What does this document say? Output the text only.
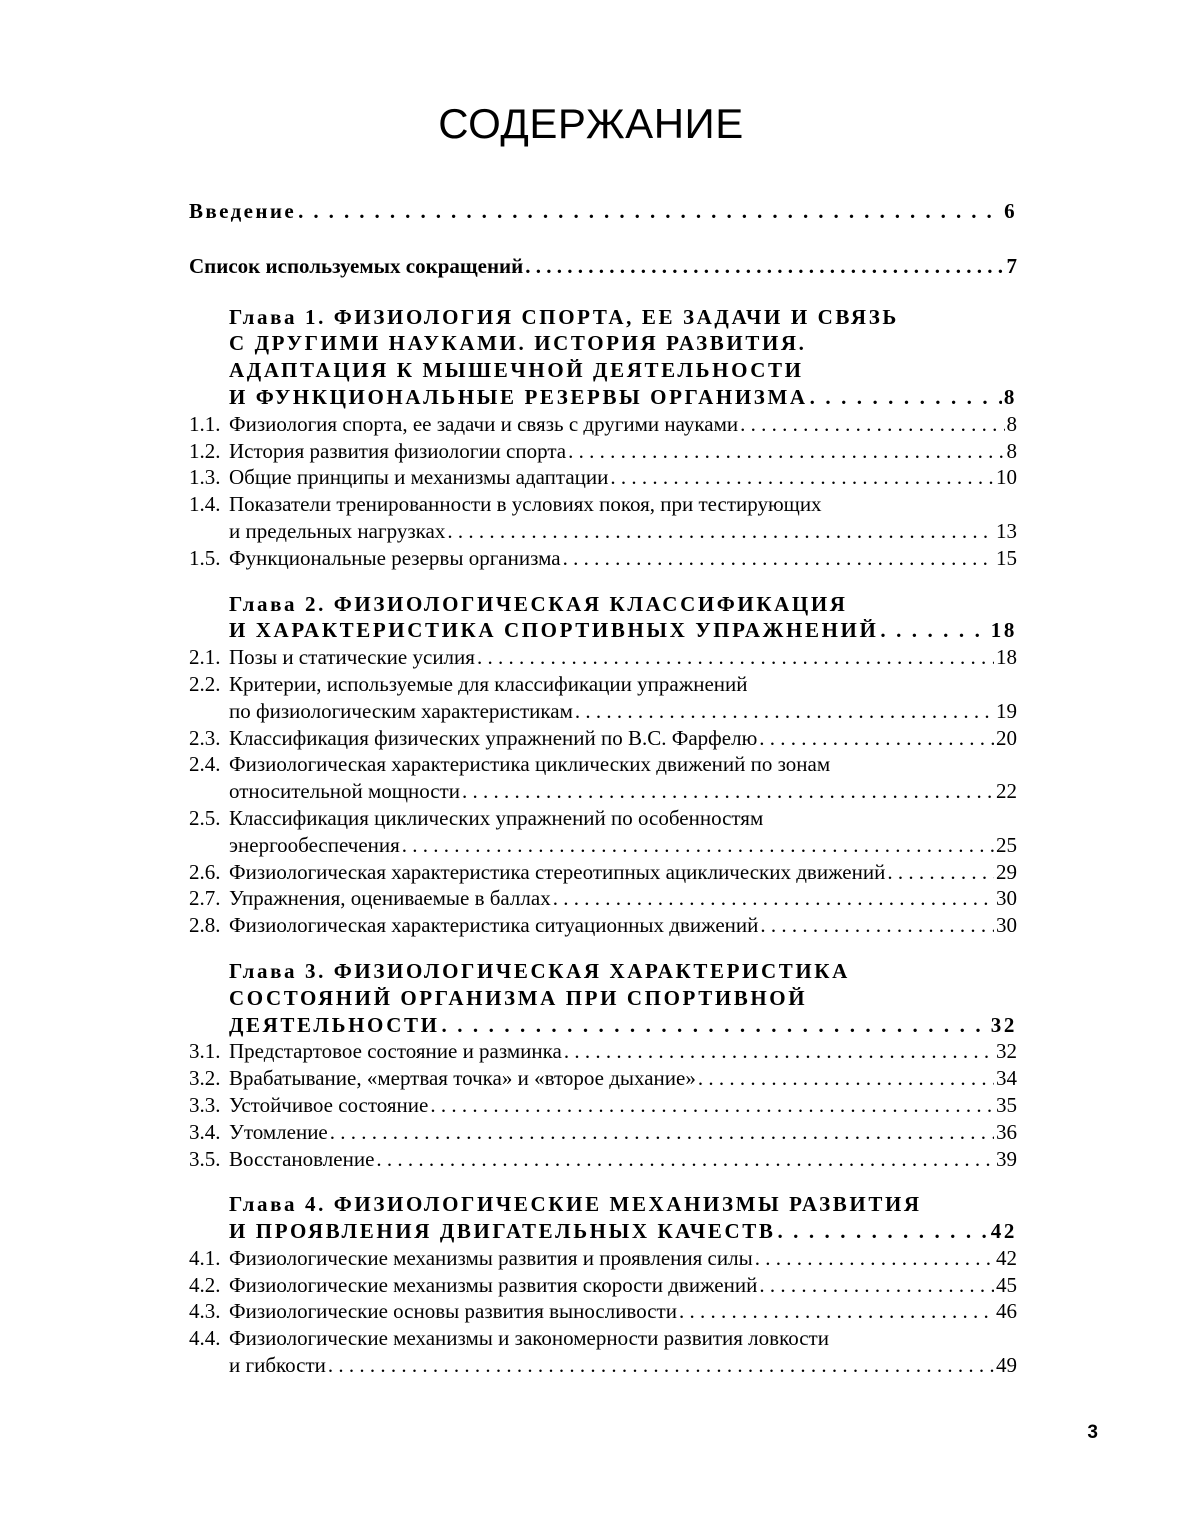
СОДЕРЖАНИЕ
Введение . . .	6
Список используемых сокращений . . .	7
Глава 1. ФИЗИОЛОГИЯ СПОРТА, ЕЕ ЗАДАЧИ И СВЯЗЬ
С ДРУГИМИ НАУКАМИ. ИСТОРИЯ РАЗВИТИЯ.
АДАПТАЦИЯ К МЫШЕЧНОЙ ДЕЯТЕЛЬНОСТИ
И ФУНКЦИОНАЛЬНЫЕ РЕЗЕРВЫ ОРГАНИЗМА . . .	8
1.1. Физиология спорта, ее задачи и связь с другими науками . . .	8
1.2. История развития физиологии спорта . . .	8
1.3. Общие принципы и механизмы адаптации . . .	10
1.4. Показатели тренированности в условиях покоя, при тестирующих
и предельных нагрузках . . .	13
1.5. Функциональные резервы организма . . .	15
Глава 2. ФИЗИОЛОГИЧЕСКАЯ КЛАССИФИКАЦИЯ
И ХАРАКТЕРИСТИКА СПОРТИВНЫХ УПРАЖНЕНИЙ . . .	18
2.1. Позы и статические усилия . . .	18
2.2. Критерии, используемые для классификации упражнений
по физиологическим характеристикам . . .	19
2.3. Классификация физических упражнений по В.С. Фарфелю . . .	20
2.4. Физиологическая характеристика циклических движений по зонам
относительной мощности . . .	22
2.5. Классификация циклических упражнений по особенностям
энергообеспечения . . .	25
2.6. Физиологическая характеристика стереотипных ациклических движений . . .	29
2.7. Упражнения, оцениваемые в баллах . . .	30
2.8. Физиологическая характеристика ситуационных движений . . .	30
Глава 3. ФИЗИОЛОГИЧЕСКАЯ ХАРАКТЕРИСТИКА
СОСТОЯНИЙ ОРГАНИЗМА ПРИ СПОРТИВНОЙ
ДЕЯТЕЛЬНОСТИ . . .	32
3.1. Предстартовое состояние и разминка . . .	32
3.2. Врабатывание, «мертвая точка» и «второе дыхание» . . .	34
3.3. Устойчивое состояние . . .	35
3.4. Утомление . . .	36
3.5. Восстановление . . .	39
Глава 4. ФИЗИОЛОГИЧЕСКИЕ МЕХАНИЗМЫ РАЗВИТИЯ
И ПРОЯВЛЕНИЯ ДВИГАТЕЛЬНЫХ КАЧЕСТВ . . .	42
4.1. Физиологические механизмы развития и проявления силы . . .	42
4.2. Физиологические механизмы развития скорости движений . . .	45
4.3. Физиологические основы развития выносливости . . .	46
4.4. Физиологические механизмы и закономерности развития ловкости
и гибкости . . .	49
3
